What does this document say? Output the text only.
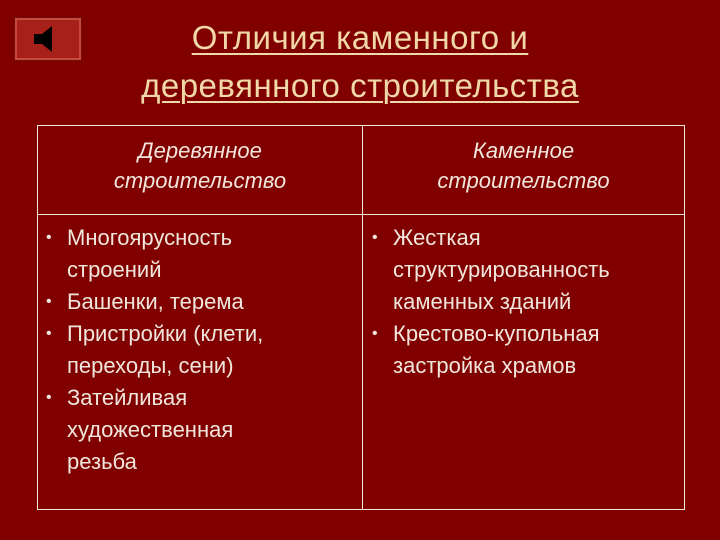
Отличия каменного и
деревянного строительства
Деревянное
строительство
Каменное
строительство
• Многоярусность
строений
• Башенки, терема
• Пристройки (клети,
переходы, сени)
• Затейливая
художественная
резьба
• Жесткая
структурированность
каменных зданий
• Крестово-купольная
застройка храмов
